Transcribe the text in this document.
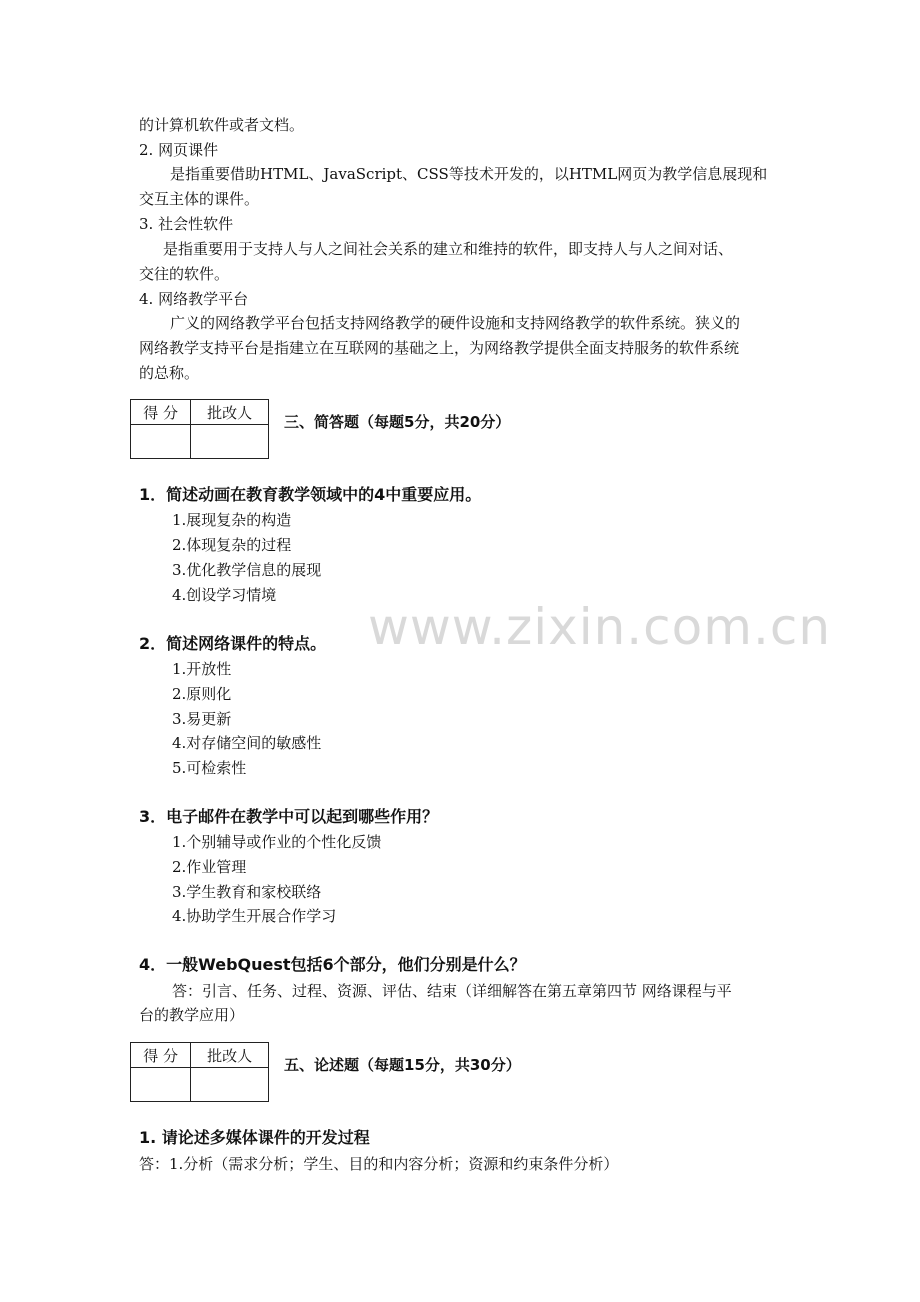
www.zixin.com.cn
的计算机软件或者文档。
2. 网页课件
是指重要借助HTML、JavaScript、CSS等技术开发的，以HTML网页为教学信息展现和
交互主体的课件。
3. 社会性软件
是指重要用于支持人与人之间社会关系的建立和维持的软件，即支持人与人之间对话、
交往的软件。
4. 网络教学平台
广义的网络教学平台包括支持网络教学的硬件设施和支持网络教学的软件系统。狭义的
网络教学支持平台是指建立在互联网的基础之上，为网络教学提供全面支持服务的软件系统
的总称。
得 分	批改人

三、简答题（每题5分，共20分）
1．简述动画在教育教学领域中的4中重要应用。
1.展现复杂的构造
2.体现复杂的过程
3.优化教学信息的展现
4.创设学习情境
2．简述网络课件的特点。
1.开放性
2.原则化
3.易更新
4.对存储空间的敏感性
5.可检索性
3．电子邮件在教学中可以起到哪些作用？
1.个别辅导或作业的个性化反馈
2.作业管理
3.学生教育和家校联络
4.协助学生开展合作学习
4．一般WebQuest包括6个部分，他们分别是什么？
答：引言、任务、过程、资源、评估、结束（详细解答在第五章第四节 网络课程与平
台的教学应用）
得 分	批改人

五、论述题（每题15分，共30分）
1. 请论述多媒体课件的开发过程
答：1.分析（需求分析；学生、目的和内容分析；资源和约束条件分析）
